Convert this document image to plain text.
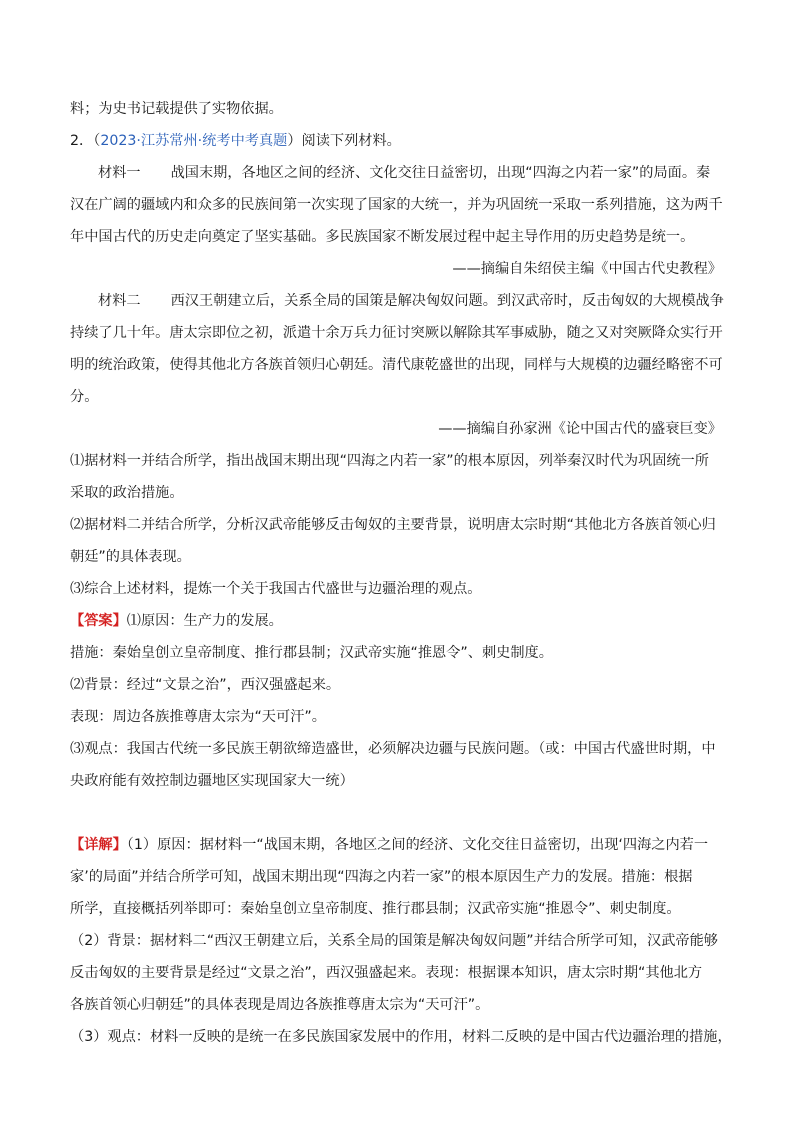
料；为史书记载提供了实物依据。
2．（2023·江苏常州·统考中考真题）阅读下列材料。
材料一 战国末期，各地区之间的经济、文化交往日益密切，出现“四海之内若一家”的局面。秦
汉在广阔的疆域内和众多的民族间第一次实现了国家的大统一，并为巩固统一采取一系列措施，这为两千
年中国古代的历史走向奠定了坚实基础。多民族国家不断发展过程中起主导作用的历史趋势是统一。
——摘编自朱绍侯主编《中国古代史教程》
材料二 西汉王朝建立后，关系全局的国策是解决匈奴问题。到汉武帝时，反击匈奴的大规模战争
持续了几十年。唐太宗即位之初，派遣十余万兵力征讨突厥以解除其军事威胁，随之又对突厥降众实行开
明的统治政策，使得其他北方各族首领归心朝廷。清代康乾盛世的出现，同样与大规模的边疆经略密不可
分。
——摘编自孙家洲《论中国古代的盛衰巨变》
⑴据材料一并结合所学，指出战国末期出现“四海之内若一家”的根本原因，列举秦汉时代为巩固统一所
采取的政治措施。
⑵据材料二并结合所学，分析汉武帝能够反击匈奴的主要背景，说明唐太宗时期“其他北方各族首领心归
朝廷”的具体表现。
⑶综合上述材料，提炼一个关于我国古代盛世与边疆治理的观点。
【答案】⑴原因：生产力的发展。
措施：秦始皇创立皇帝制度、推行郡县制；汉武帝实施“推恩令”、刺史制度。
⑵背景：经过“文景之治”，西汉强盛起来。
表现：周边各族推尊唐太宗为“天可汗”。
⑶观点：我国古代统一多民族王朝欲缔造盛世，必须解决边疆与民族问题。（或：中国古代盛世时期，中
央政府能有效控制边疆地区实现国家大一统）
【详解】（1）原因：据材料一“战国末期，各地区之间的经济、文化交往日益密切，出现‘四海之内若一
家’的局面”并结合所学可知，战国末期出现“四海之内若一家”的根本原因生产力的发展。措施：根据
所学，直接概括列举即可：秦始皇创立皇帝制度、推行郡县制；汉武帝实施“推恩令”、刺史制度。
（2）背景：据材料二“西汉王朝建立后，关系全局的国策是解决匈奴问题”并结合所学可知，汉武帝能够
反击匈奴的主要背景是经过“文景之治”，西汉强盛起来。表现：根据课本知识，唐太宗时期“其他北方
各族首领心归朝廷”的具体表现是周边各族推尊唐太宗为“天可汗”。
（3）观点：材料一反映的是统一在多民族国家发展中的作用，材料二反映的是中国古代边疆治理的措施，
